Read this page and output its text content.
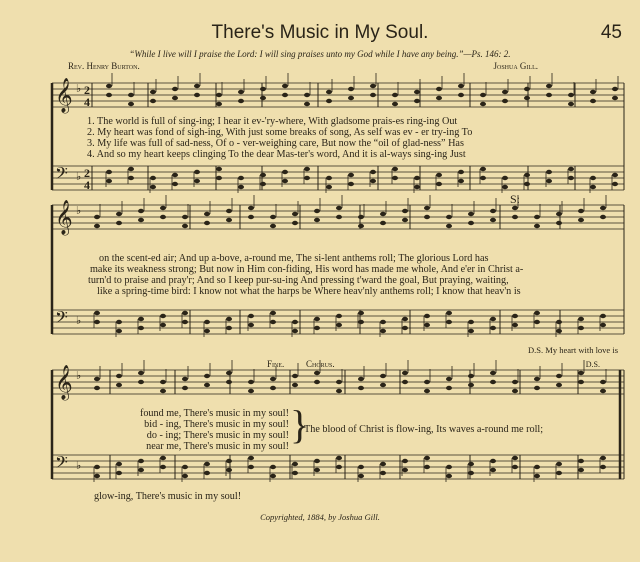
There's Music in My Soul.	45
“While I live will I praise the Lord: I will sing praises unto my God while I have any being.”—Ps. 146: 2.
Rev. Henry Burton.	Joshua Gill.
𝄞 ♭
𝄢 ♭
𝄞 ♭
𝄢 ♭
𝄞 ♭
𝄢 ♭
2
4
2
4
S:
1. The world is full of sing-ing; I hear it ev-'ry-where, With gladsome prais-es ring-ing Out
2. My heart was fond of sigh-ing, With just some breaks of song, As self was ev - er try-ing To
3. My life was full of sad-ness, Of o - ver-weighing care, But now the “oil of glad-ness” Has
4. And so my heart keeps clinging To the dear Mas-ter's word, And it is al-ways sing-ing Just
on the scent-ed air; And up a-bove, a-round me, The si-lent anthems roll; The glorious Lord has
make its weakness strong; But now in Him con-fiding, His word has made me whole, And e'er in Christ a-
turn'd to praise and pray'r; And so I keep pur-su-ing And pressing t'ward the goal, But praying, waiting,
like a spring-time bird: I know not what the harps be Where heav'nly anthems roll; I know that heav'n is
D.S. My heart with love is
Fine. Chorus.	D.S.
found me, There's music in my soul!
bid - ing, There's music in my soul!
do - ing; There's music in my soul!
near me, There's music in my soul! }
The blood of Christ is flow-ing, Its waves a-round me roll;
glow-ing, There's music in my soul!
Copyrighted, 1884, by Joshua Gill.
